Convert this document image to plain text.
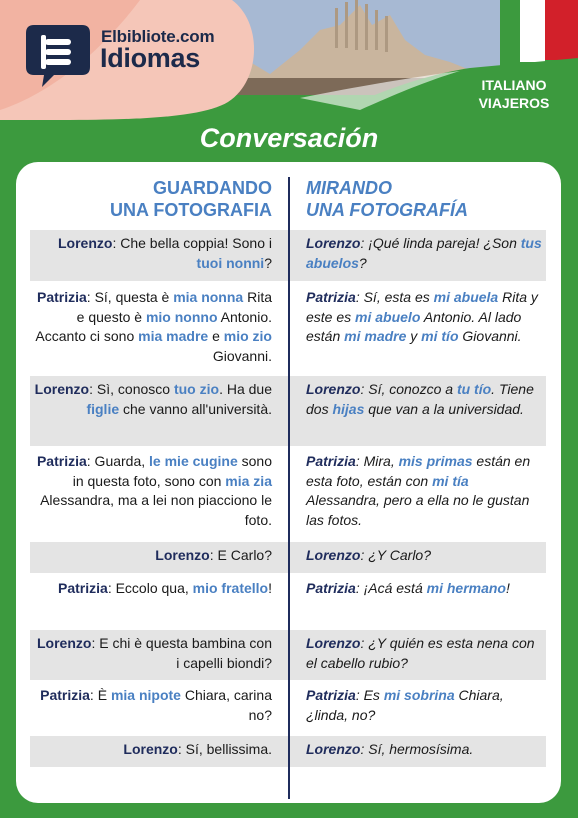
Elbibliote.com
Idiomas
ITALIANO
VIAJEROS
Conversación
GUARDANDO
UNA FOTOGRAFIA
MIRANDO
UNA FOTOGRAFÍA
Lorenzo: Che bella coppia! Sono i tuoi nonni?
Lorenzo: ¡Qué linda pareja! ¿Son tus abuelos?
Patrizia: Sí, questa è mia nonna Rita e questo è mio nonno Antonio. Accanto ci sono mia madre e mio zio Giovanni.
Patrizia: Sí, esta es mi abuela Rita y este es mi abuelo Antonio. Al lado están mi madre y mi tío Giovanni.
Lorenzo: Sì, conosco tuo zio. Ha due figlie che vanno all'università.
Lorenzo: Sí, conozco a tu tío. Tiene dos hijas que van a la universidad.
Patrizia: Guarda, le mie cugine sono in questa foto, sono con mia zia Alessandra, ma a lei non piacciono le foto.
Patrizia: Mira, mis primas están en esta foto, están con mi tía Alessandra, pero a ella no le gustan las fotos.
Lorenzo: E Carlo? Lorenzo: ¿Y Carlo?
Patrizia: Eccolo qua, mio fratello! Patrizia: ¡Acá está mi hermano!
Lorenzo: E chi è questa bambina con i capelli biondi?
Lorenzo: ¿Y quién es esta nena con el cabello rubio?
Patrizia: È mia nipote Chiara, carina no?
Patrizia: Es mi sobrina Chiara, ¿linda, no?
Lorenzo: Sí, bellissima. Lorenzo: Sí, hermosísima.
